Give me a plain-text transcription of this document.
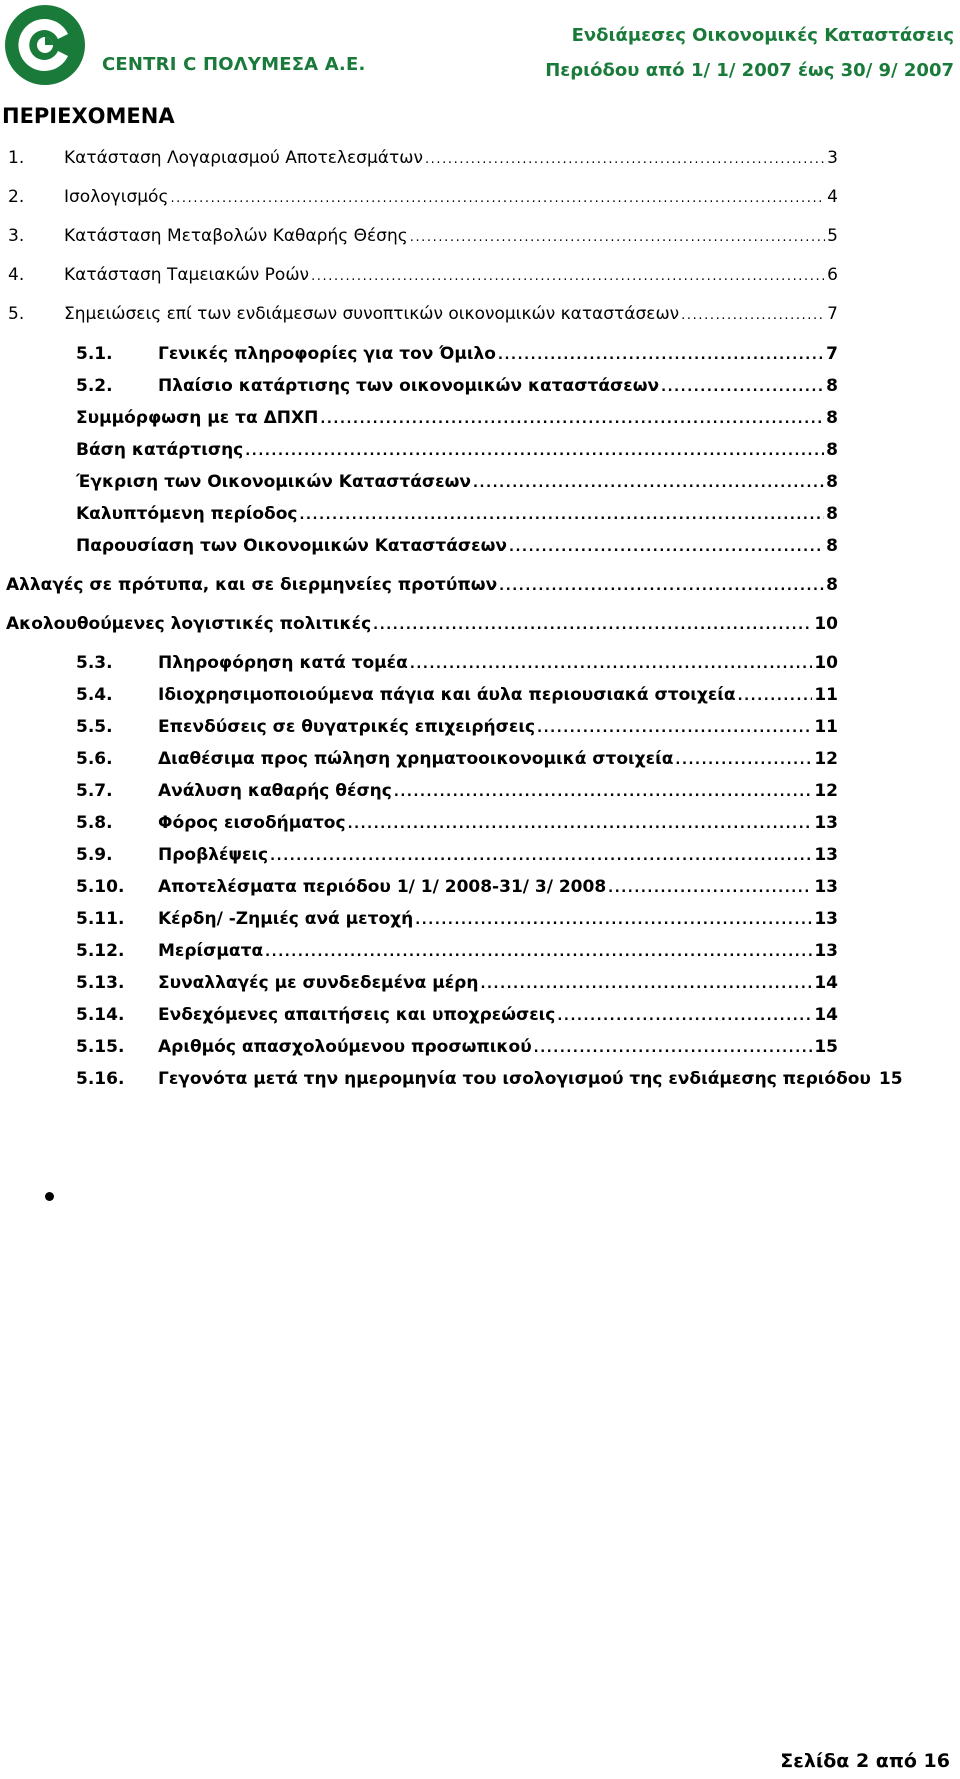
CENTRI C ΠΟΛΥΜΕΣΑ Α.Ε.
Ενδιάμεσες Οικονομικές Καταστάσεις
Περιόδου από 1/ 1/ 2007 έως 30/ 9/ 2007
ΠΕΡΙΕΧΟΜΕΝΑ
1.	Κατάσταση Λογαριασμού Αποτελεσμάτων .....	3
2.	Ισολογισμός .....	4
3.	Κατάσταση Μεταβολών Καθαρής Θέσης .....	5
4.	Κατάσταση Ταμειακών Ροών .....	6
5.	Σημειώσεις επί των ενδιάμεσων συνοπτικών οικονομικών καταστάσεων .....	7
5.1.	Γενικές πληροφορίες για τον Όμιλο .....	7
5.2.	Πλαίσιο κατάρτισης των οικονομικών καταστάσεων .....	8
Συμμόρφωση με τα ΔΠΧΠ .....	8
Βάση κατάρτισης .....	8
Έγκριση των Οικονομικών Καταστάσεων .....	8
Καλυπτόμενη περίοδος .....	8
Παρουσίαση των Οικονομικών Καταστάσεων .....	8
Αλλαγές σε πρότυπα, και σε διερμηνείες προτύπων .....	8
Ακολουθούμενες λογιστικές πολιτικές .....	10
5.3.	Πληροφόρηση κατά τομέα .....	10
5.4.	Ιδιοχρησιμοποιούμενα πάγια και άυλα περιουσιακά στοιχεία .....	11
5.5.	Επενδύσεις σε θυγατρικές επιχειρήσεις .....	11
5.6.	Διαθέσιμα προς πώληση χρηματοοικονομικά στοιχεία .....	12
5.7.	Ανάλυση καθαρής θέσης .....	12
5.8.	Φόρος εισοδήματος .....	13
5.9.	Προβλέψεις .....	13
5.10.	Αποτελέσματα περιόδου 1/ 1/ 2008-31/ 3/ 2008 .....	13
5.11.	Κέρδη/ -Ζημιές ανά μετοχή .....	13
5.12.	Μερίσματα .....	13
5.13.	Συναλλαγές με συνδεδεμένα μέρη .....	14
5.14.	Ενδεχόμενες απαιτήσεις και υποχρεώσεις .....	14
5.15.	Αριθμός απασχολούμενου προσωπικού .....	15
5.16.	Γεγονότα μετά την ημερομηνία του ισολογισμού της ενδιάμεσης περιόδου 15
Σελίδα 2 από 16
